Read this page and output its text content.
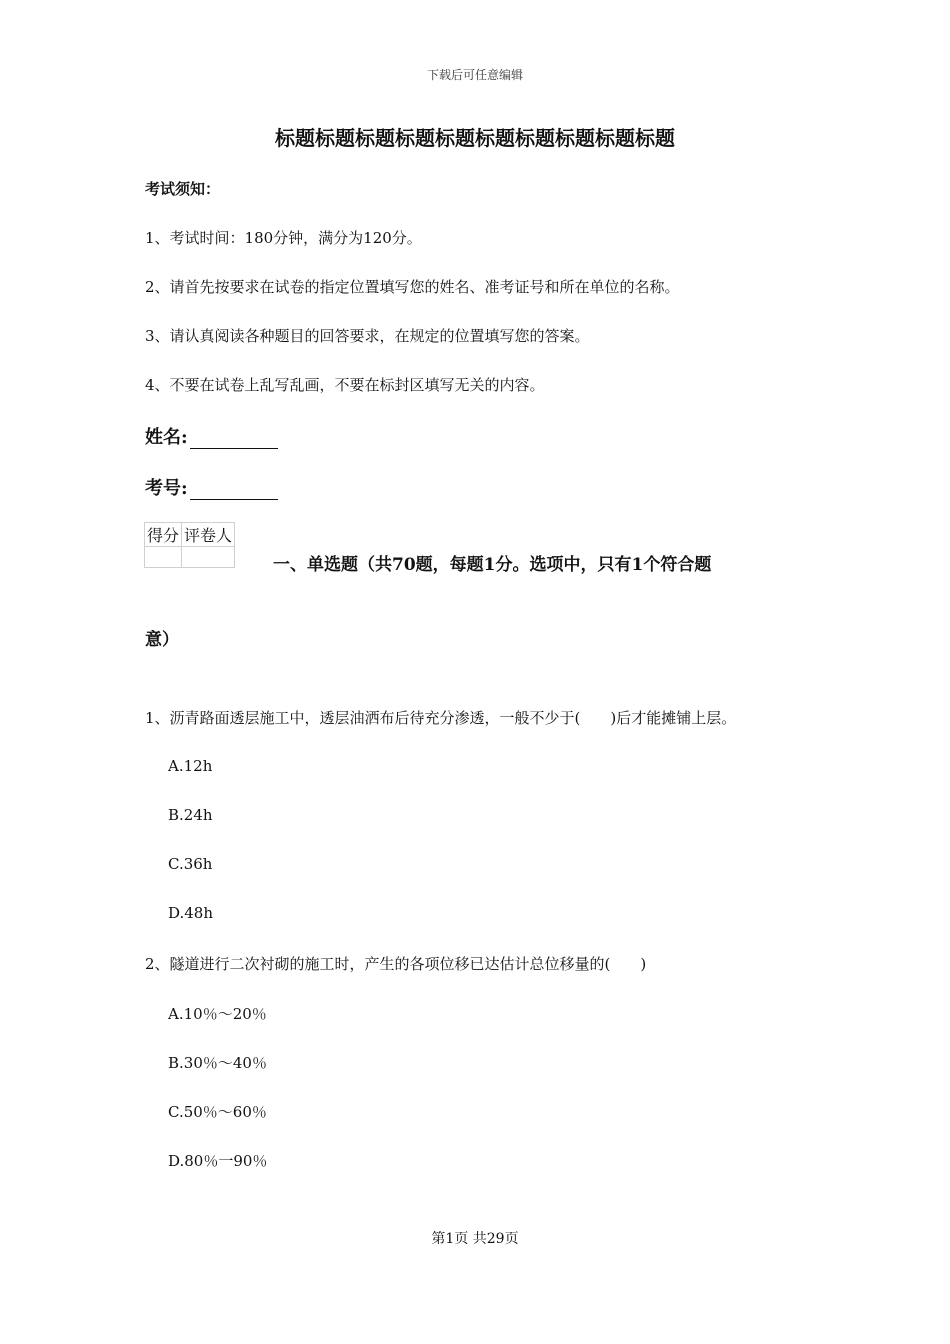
下载后可任意编辑

标题标题标题标题标题标题标题标题标题标题

考试须知：

1、考试时间：180分钟，满分为120分。

2、请首先按要求在试卷的指定位置填写您的姓名、准考证号和所在单位的名称。

3、请认真阅读各种题目的回答要求，在规定的位置填写您的答案。

4、不要在试卷上乱写乱画，不要在标封区填写无关的内容。

姓名:
考号:
得分	评卷人

一、单选题（共70题，每题1分。选项中，只有1个符合题

意）

1、沥青路面透层施工中，透层油洒布后待充分渗透，一般不少于(　　)后才能摊铺上层。

A.12h

B.24h

C.36h

D.48h

2、隧道进行二次衬砌的施工时，产生的各项位移已达估计总位移量的(　　)

A.10％～20％

B.30％～40％

C.50％～60％

D.80％一90％

第1页 共29页
